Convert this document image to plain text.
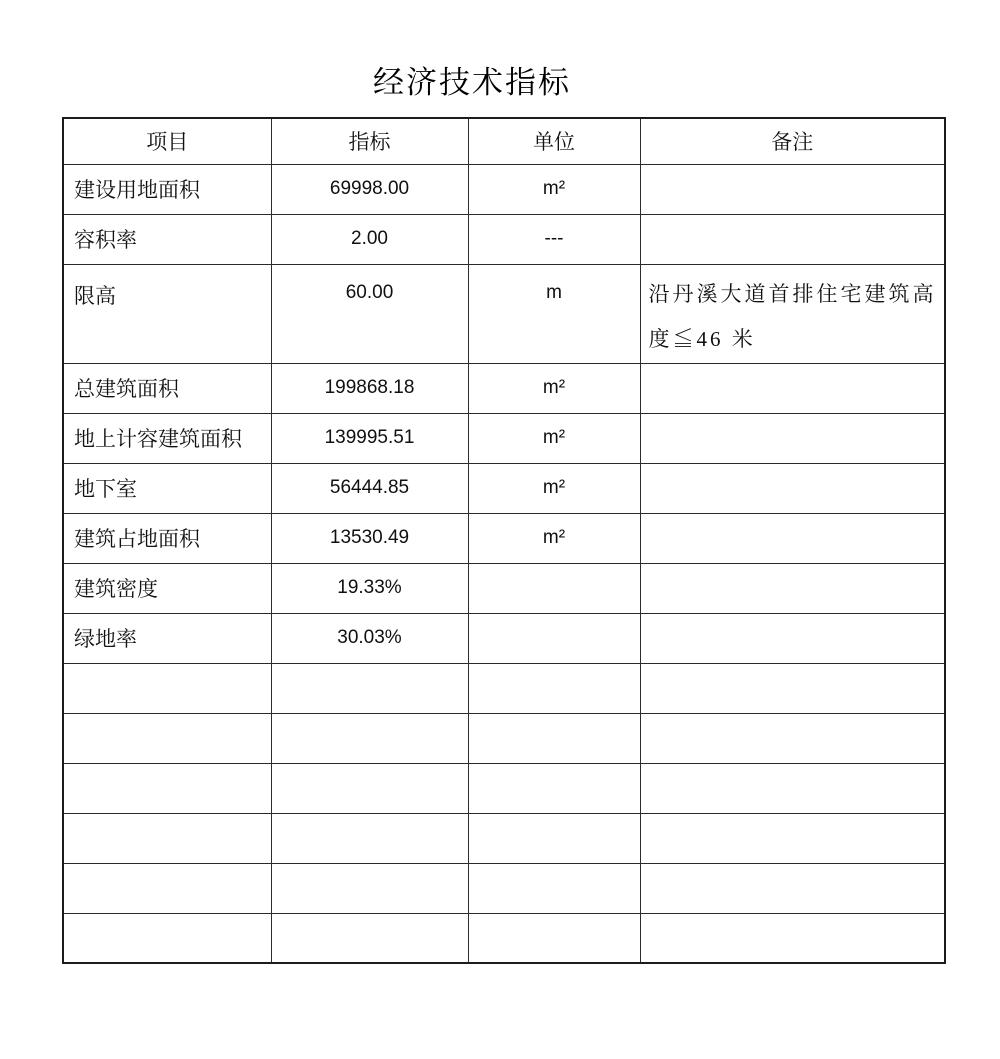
经济技术指标
项目	指标	单位	备注
建设用地面积	69998.00	m²	
容积率	2.00	---	
限高	60.00	m	沿丹溪大道首排住宅建筑高度≦46 米
总建筑面积	199868.18	m²	
地上计容建筑面积	139995.51	m²	
地下室	56444.85	m²	
建筑占地面积	13530.49	m²	
建筑密度	19.33%		
绿地率	30.03%		
